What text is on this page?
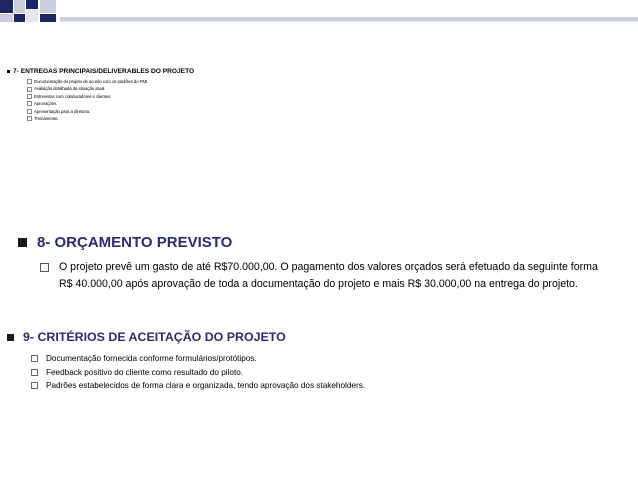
7- ENTREGAS PRINCIPAIS/DELIVERABLES DO PROJETO
Documentação do projeto de acordo com os padrões do PMI.
Avaliação detalhada da situação atual.
Entrevistas com colaboradores e clientes.
Aprovações.
Apresentação para a diretoria.
Treinamento.
8- ORÇAMENTO PREVISTO
O projeto prevê um gasto de até R$70.000,00. O pagamento dos valores orçados será efetuado da seguinte forma R$ 40.000,00 após aprovação de toda a documentação do projeto e mais R$ 30.000,00 na entrega do projeto.
9- CRITÉRIOS DE ACEITAÇÃO DO PROJETO
Documentação fornecida conforme formulários/protótipos.
Feedback positivo do cliente como resultado do piloto.
Padrões estabelecidos de forma clara e organizada, tendo aprovação dos stakeholders.
